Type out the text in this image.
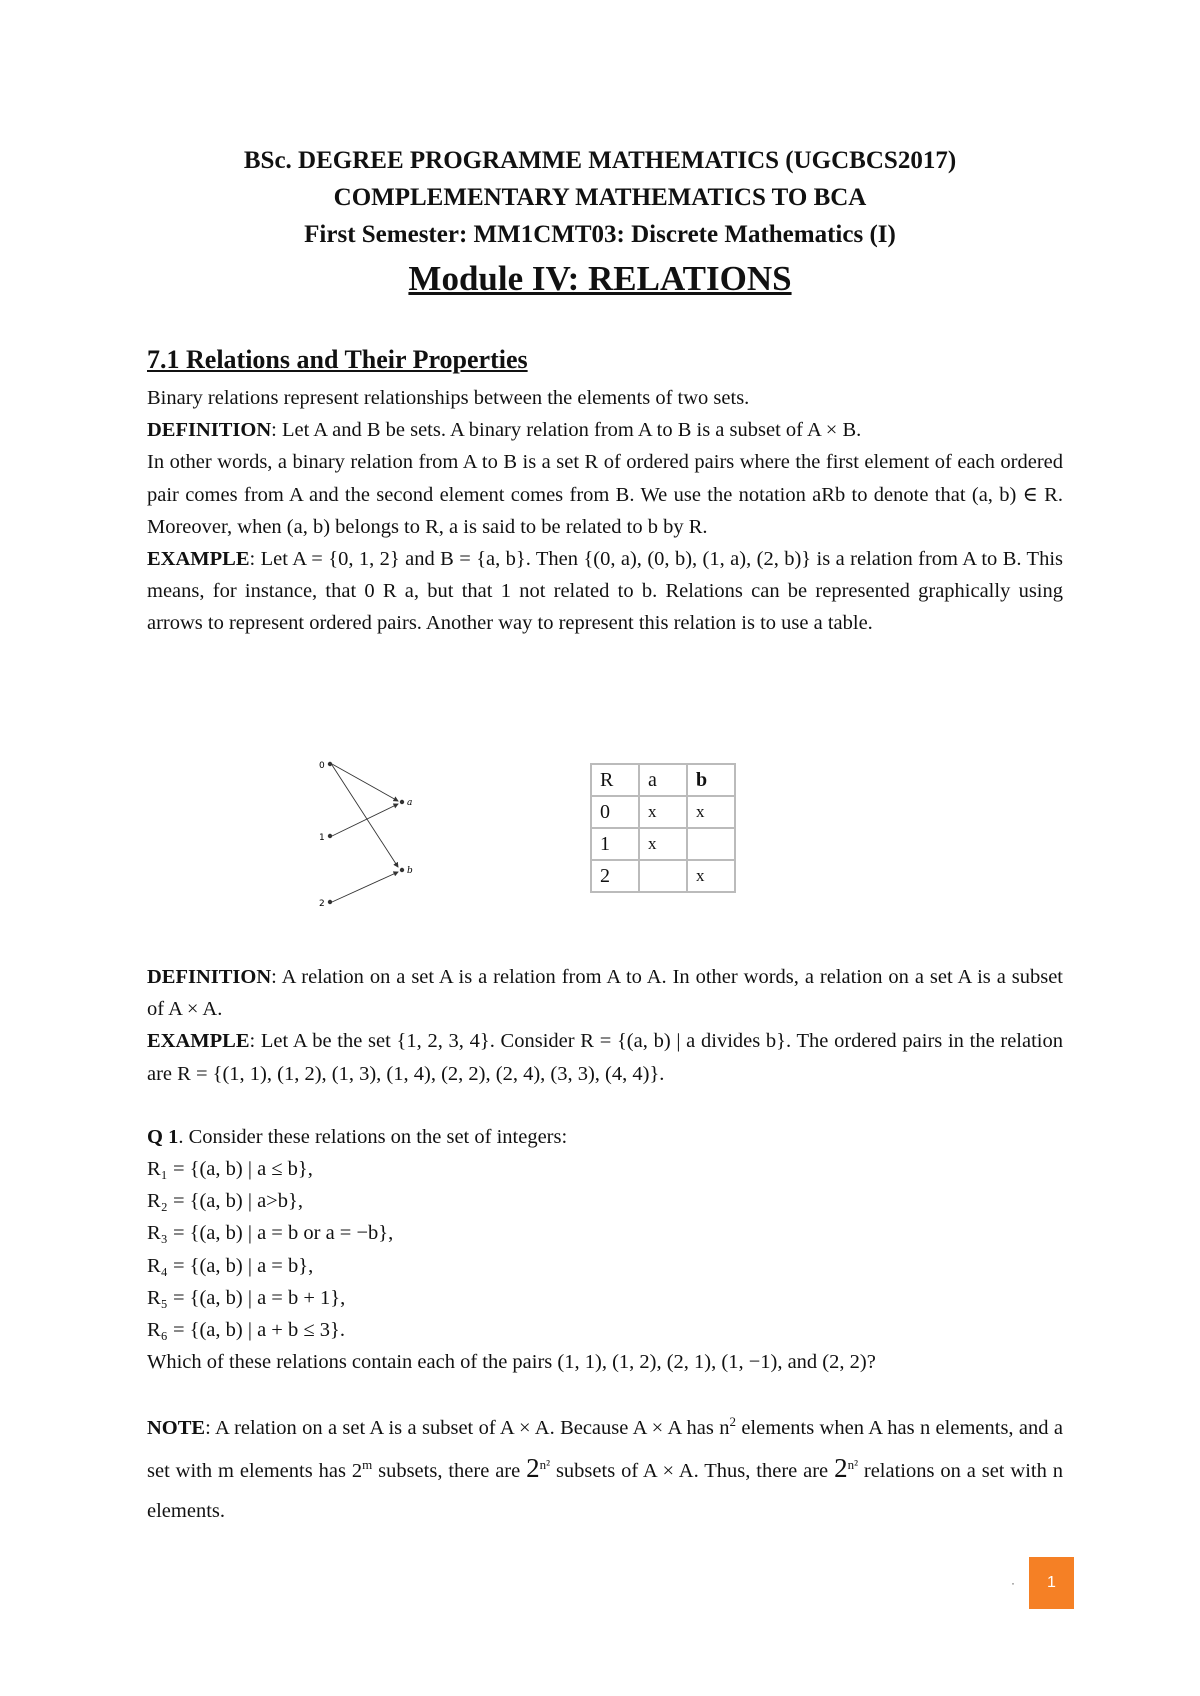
BSc. DEGREE PROGRAMME MATHEMATICS (UGCBCS2017)
COMPLEMENTARY MATHEMATICS TO BCA
First Semester: MM1CMT03: Discrete Mathematics (I)
Module IV: RELATIONS
7.1 Relations and Their Properties

Binary relations represent relationships between the elements of two sets.

DEFINITION: Let A and B be sets. A binary relation from A to B is a subset of A × B.

In other words, a binary relation from A to B is a set R of ordered pairs where the first element of each ordered pair comes from A and the second element comes from B. We use the notation aRb to denote that (a, b) ∈ R. Moreover, when (a, b) belongs to R, a is said to be related to b by R.

EXAMPLE: Let A = {0, 1, 2} and B = {a, b}. Then {(0, a), (0, b), (1, a), (2, b)} is a relation from A to B. This means, for instance, that 0 R a, but that 1 not related to b. Relations can be represented graphically using arrows to represent ordered pairs. Another way to represent this relation is to use a table.

0
1
2
a
b
R	a	b
0	x	x
1	x	
2		x

DEFINITION: A relation on a set A is a relation from A to A. In other words, a relation on a set A is a subset of A × A.

EXAMPLE: Let A be the set {1, 2, 3, 4}. Consider R = {(a, b) | a divides b}. The ordered pairs in the relation are R = {(1, 1), (1, 2), (1, 3), (1, 4), (2, 2), (2, 4), (3, 3), (4, 4)}.

Q 1. Consider these relations on the set of integers:

R₁ = {(a, b) | a ≤ b},
R₂ = {(a, b) | a>b},
R₃ = {(a, b) | a = b or a = −b},
R₄ = {(a, b) | a = b},
R₅ = {(a, b) | a = b + 1},
R₆ = {(a, b) | a + b ≤ 3}.
Which of these relations contain each of the pairs (1, 1), (1, 2), (2, 1), (1, −1), and (2, 2)?

NOTE: A relation on a set A is a subset of A × A. Because A × A has $n^2$ elements when A has n elements, and a set with m elements has 2$^m$ subsets, there are $2^{n^2}$ subsets of A × A. Thus, there are $2^{n^2}$ relations on a set with n elements.

·	1
